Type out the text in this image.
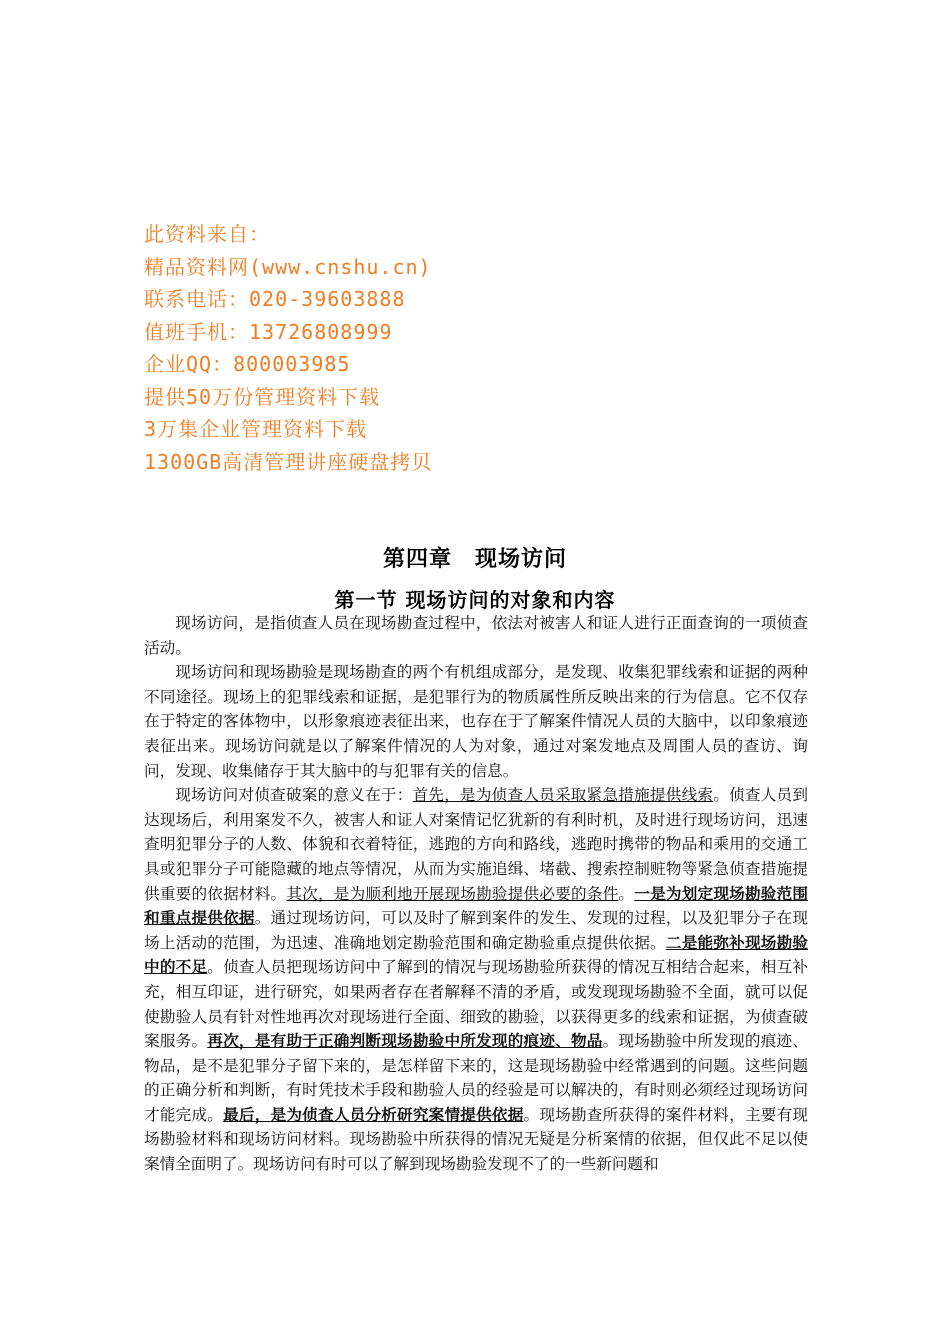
此资料来自：
精品资料网(www.cnshu.cn)
联系电话：020-39603888
值班手机：13726808999
企业QQ：800003985
提供50万份管理资料下载
3万集企业管理资料下载
1300GB高清管理讲座硬盘拷贝
第四章　现场访问
第一节 现场访问的对象和内容

现场访问，是指侦查人员在现场勘查过程中，依法对被害人和证人进行正面查询的一项侦查活动。

现场访问和现场勘验是现场勘查的两个有机组成部分，是发现、收集犯罪线索和证据的两种不同途径。现场上的犯罪线索和证据，是犯罪行为的物质属性所反映出来的行为信息。它不仅存在于特定的客体物中，以形象痕迹表征出来，也存在于了解案件情况人员的大脑中，以印象痕迹表征出来。现场访问就是以了解案件情况的人为对象，通过对案发地点及周围人员的查访、询问，发现、收集储存于其大脑中的与犯罪有关的信息。

现场访问对侦查破案的意义在于：首先，是为侦查人员采取紧急措施提供线索。侦查人员到达现场后，利用案发不久，被害人和证人对案情记忆犹新的有利时机，及时进行现场访问，迅速查明犯罪分子的人数、体貌和衣着特征，逃跑的方向和路线，逃跑时携带的物品和乘用的交通工具或犯罪分子可能隐藏的地点等情况，从而为实施追缉、堵截、搜索控制赃物等紧急侦查措施提供重要的依据材料。其次，是为顺利地开展现场勘验提供必要的条件。一是为划定现场勘验范围和重点提供依据。通过现场访问，可以及时了解到案件的发生、发现的过程，以及犯罪分子在现场上活动的范围，为迅速、准确地划定勘验范围和确定勘验重点提供依据。二是能弥补现场勘验中的不足。侦查人员把现场访问中了解到的情况与现场勘验所获得的情况互相结合起来，相互补充，相互印证，进行研究，如果两者存在者解释不清的矛盾，或发现现场勘验不全面，就可以促使勘验人员有针对性地再次对现场进行全面、细致的勘验，以获得更多的线索和证据，为侦查破案服务。再次，是有助于正确判断现场勘验中所发现的痕迹、物品。现场勘验中所发现的痕迹、物品，是不是犯罪分子留下来的，是怎样留下来的，这是现场勘验中经常遇到的问题。这些问题的正确分析和判断，有时凭技术手段和勘验人员的经验是可以解决的，有时则必须经过现场访问才能完成。最后，是为侦查人员分析研究案情提供依据。现场勘查所获得的案件材料，主要有现场勘验材料和现场访问材料。现场勘验中所获得的情况无疑是分析案情的依据，但仅此不足以使案情全面明了。现场访问有时可以了解到现场勘验发现不了的一些新问题和
